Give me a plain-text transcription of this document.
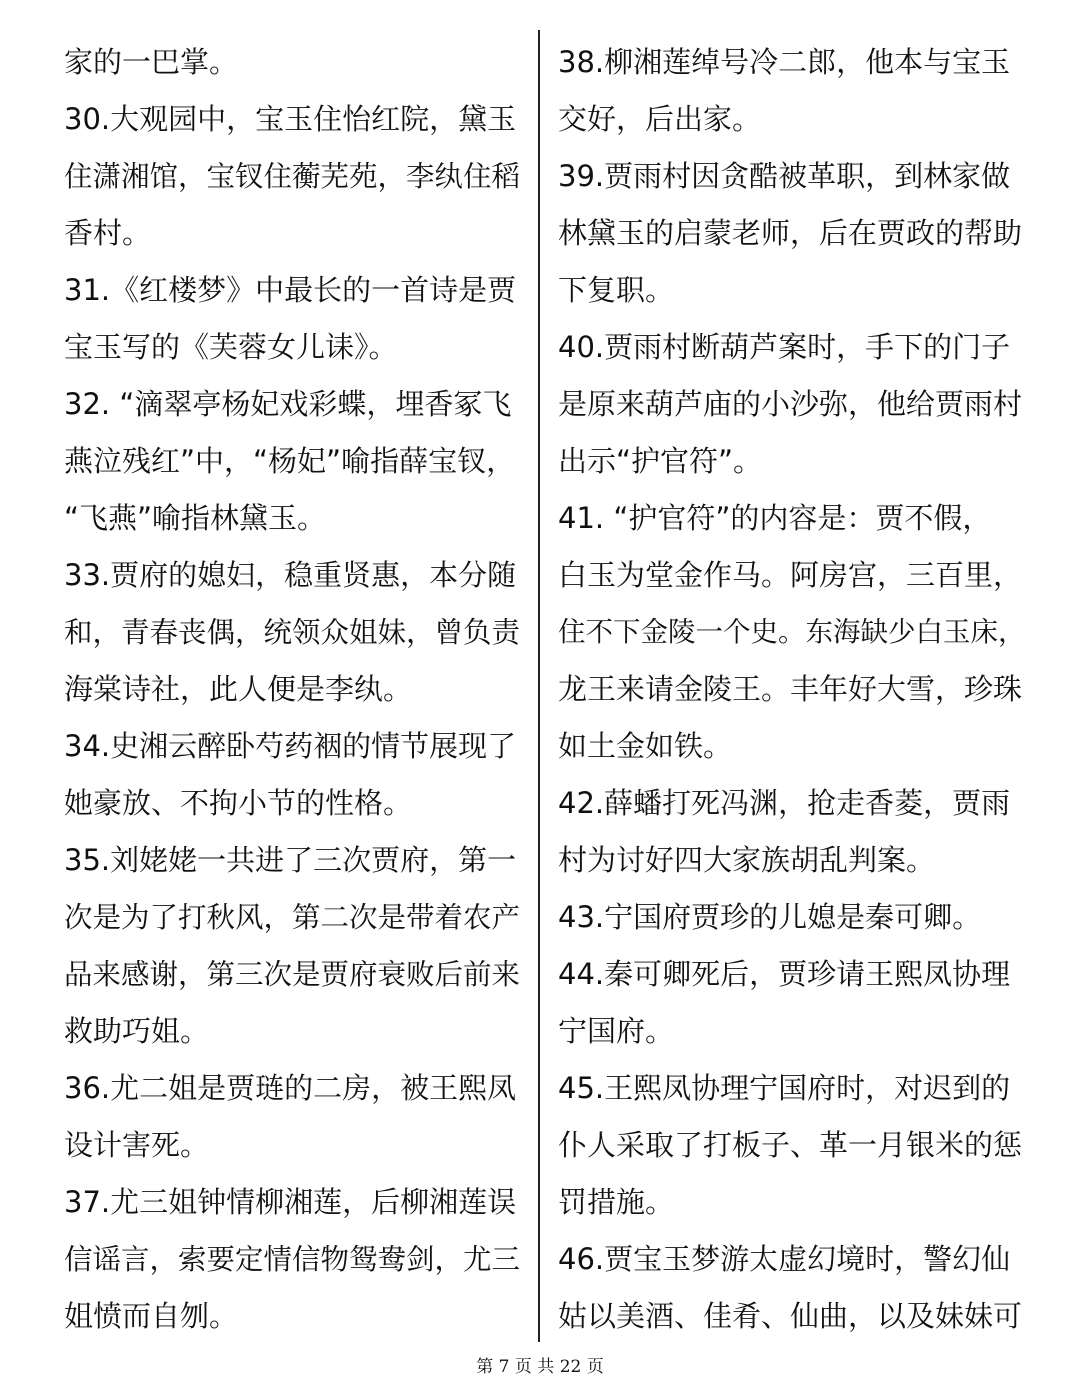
家的一巴掌。
30.大观园中，宝玉住怡红院，黛玉
住潇湘馆，宝钗住蘅芜苑，李纨住稻
香村。
31.《红楼梦》中最长的一首诗是贾
宝玉写的《芙蓉女儿诔》。
32. “滴翠亭杨妃戏彩蝶，埋香冢飞
燕泣残红”中，“杨妃”喻指薛宝钗，
“飞燕”喻指林黛玉。
33.贾府的媳妇，稳重贤惠，本分随
和，青春丧偶，统领众姐妹，曾负责
海棠诗社，此人便是李纨。
34.史湘云醉卧芍药裀的情节展现了
她豪放、不拘小节的性格。
35.刘姥姥一共进了三次贾府，第一
次是为了打秋风，第二次是带着农产
品来感谢，第三次是贾府衰败后前来
救助巧姐。
36.尤二姐是贾琏的二房，被王熙凤
设计害死。
37.尤三姐钟情柳湘莲，后柳湘莲误
信谣言，索要定情信物鸳鸯剑，尤三
姐愤而自刎。
38.柳湘莲绰号冷二郎，他本与宝玉
交好，后出家。
39.贾雨村因贪酷被革职，到林家做
林黛玉的启蒙老师，后在贾政的帮助
下复职。
40.贾雨村断葫芦案时，手下的门子
是原来葫芦庙的小沙弥，他给贾雨村
出示“护官符”。
41. “护官符”的内容是：贾不假，
白玉为堂金作马。阿房宫，三百里，
住不下金陵一个史。东海缺少白玉床，
龙王来请金陵王。丰年好大雪，珍珠
如土金如铁。
42.薛蟠打死冯渊，抢走香菱，贾雨
村为讨好四大家族胡乱判案。
43.宁国府贾珍的儿媳是秦可卿。
44.秦可卿死后，贾珍请王熙凤协理
宁国府。
45.王熙凤协理宁国府时，对迟到的
仆人采取了打板子、革一月银米的惩
罚措施。
46.贾宝玉梦游太虚幻境时，警幻仙
姑以美酒、佳肴、仙曲，以及妹妹可
第 7 页 共 22 页
